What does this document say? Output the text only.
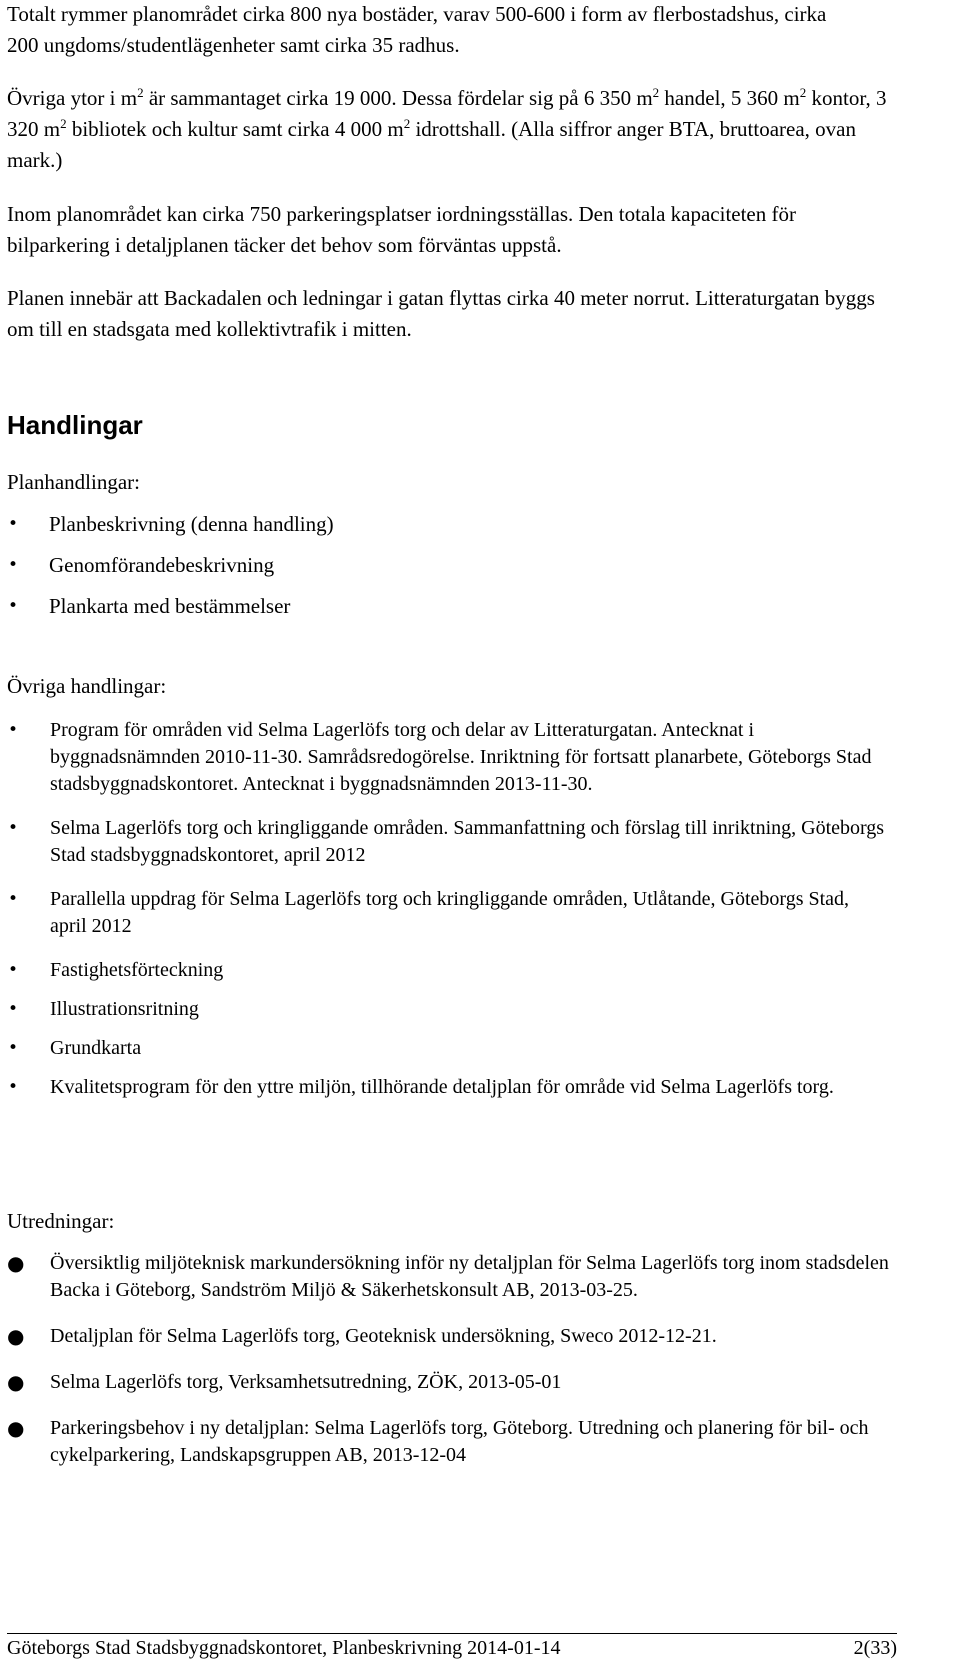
Totalt rymmer planområdet cirka 800 nya bostäder, varav 500-600 i form av flerbostadshus, cirka 200 ungdoms/studentlägenheter samt cirka 35 radhus.

Övriga ytor i $m^2$ är sammantaget cirka 19 000. Dessa fördelar sig på 6 350 $m^2$ handel, 5 360 $m^2$ kontor, 3 320 $m^2$ bibliotek och kultur samt cirka 4 000 $m^2$ idrottshall. (Alla siffror anger BTA, bruttoarea, ovan mark.)

Inom planområdet kan cirka 750 parkeringsplatser iordningsställas. Den totala kapaciteten för bilparkering i detaljplanen täcker det behov som förväntas uppstå.

Planen innebär att Backadalen och ledningar i gatan flyttas cirka 40 meter norrut. Litteraturgatan byggs om till en stadsgata med kollektivtrafik i mitten.

Handlingar

Planhandlingar:

• Planbeskrivning (denna handling)
• Genomförandebeskrivning
• Plankarta med bestämmelser

Övriga handlingar:

• Program för områden vid Selma Lagerlöfs torg och delar av Litteraturgatan. Antecknat i byggnadsnämnden 2010-11-30. Samrådsredogörelse. Inriktning för fortsatt planarbete, Göteborgs Stad stadsbyggnadskontoret. Antecknat i byggnadsnämnden 2013-11-30.
• Selma Lagerlöfs torg och kringliggande områden. Sammanfattning och förslag till inriktning, Göteborgs Stad stadsbyggnadskontoret, april 2012
• Parallella uppdrag för Selma Lagerlöfs torg och kringliggande områden, Utlåtande, Göteborgs Stad, april 2012
• Fastighetsförteckning
• Illustrationsritning
• Grundkarta
• Kvalitetsprogram för den yttre miljön, tillhörande detaljplan för område vid Selma Lagerlöfs torg.

Utredningar:

● Översiktlig miljöteknisk markundersökning inför ny detaljplan för Selma Lagerlöfs torg inom stadsdelen Backa i Göteborg, Sandström Miljö & Säkerhetskonsult AB, 2013-03-25.
● Detaljplan för Selma Lagerlöfs torg, Geoteknisk undersökning, Sweco 2012-12-21.
● Selma Lagerlöfs torg, Verksamhetsutredning, ZÖK, 2013-05-01
● Parkeringsbehov i ny detaljplan: Selma Lagerlöfs torg, Göteborg. Utredning och planering för bil- och cykelparkering, Landskapsgruppen AB, 2013-12-04
Göteborgs Stad Stadsbyggnadskontoret, Planbeskrivning 2014-01-14	2(33)
